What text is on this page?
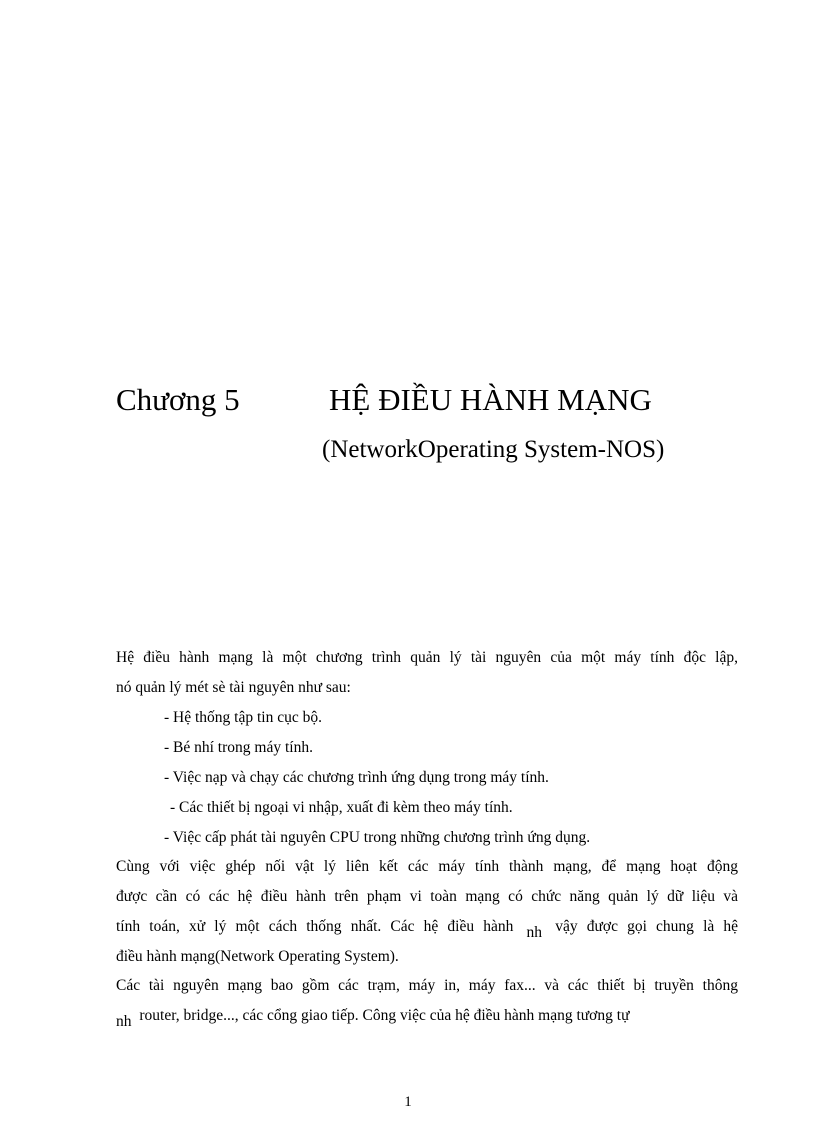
Chương 5	HỆ ĐIỀU HÀNH MẠNG
(NetworkOperating System-NOS)
Hệ điều hành mạng là một chương trình quản lý tài nguyên của một máy tính độc lập,
nó quản lý mét sè tài nguyên như sau:
- Hệ thống tập tin cục bộ.
- Bé nhí trong máy tính.
- Việc nạp và chạy các chương trình ứng dụng trong máy tính.
- Các thiết bị ngoại vi nhập, xuất đi kèm theo máy tính.
- Việc cấp phát tài nguyên CPU trong những chương trình ứng dụng.
Cùng với việc ghép nối vật lý liên kết các máy tính thành mạng, để mạng hoạt động
được cần có các hệ điều hành trên phạm vi toàn mạng có chức năng quản lý dữ liệu và
tính toán, xử lý một cách thống nhất. Các hệ điều hành nh vậy được gọi chung là hệ
điều hành mạng(Network Operating System).
Các tài nguyên mạng bao gồm các trạm, máy in, máy fax... và các thiết bị truyền thông
nh router, bridge..., các cổng giao tiếp. Công việc của hệ điều hành mạng tương tự
1
